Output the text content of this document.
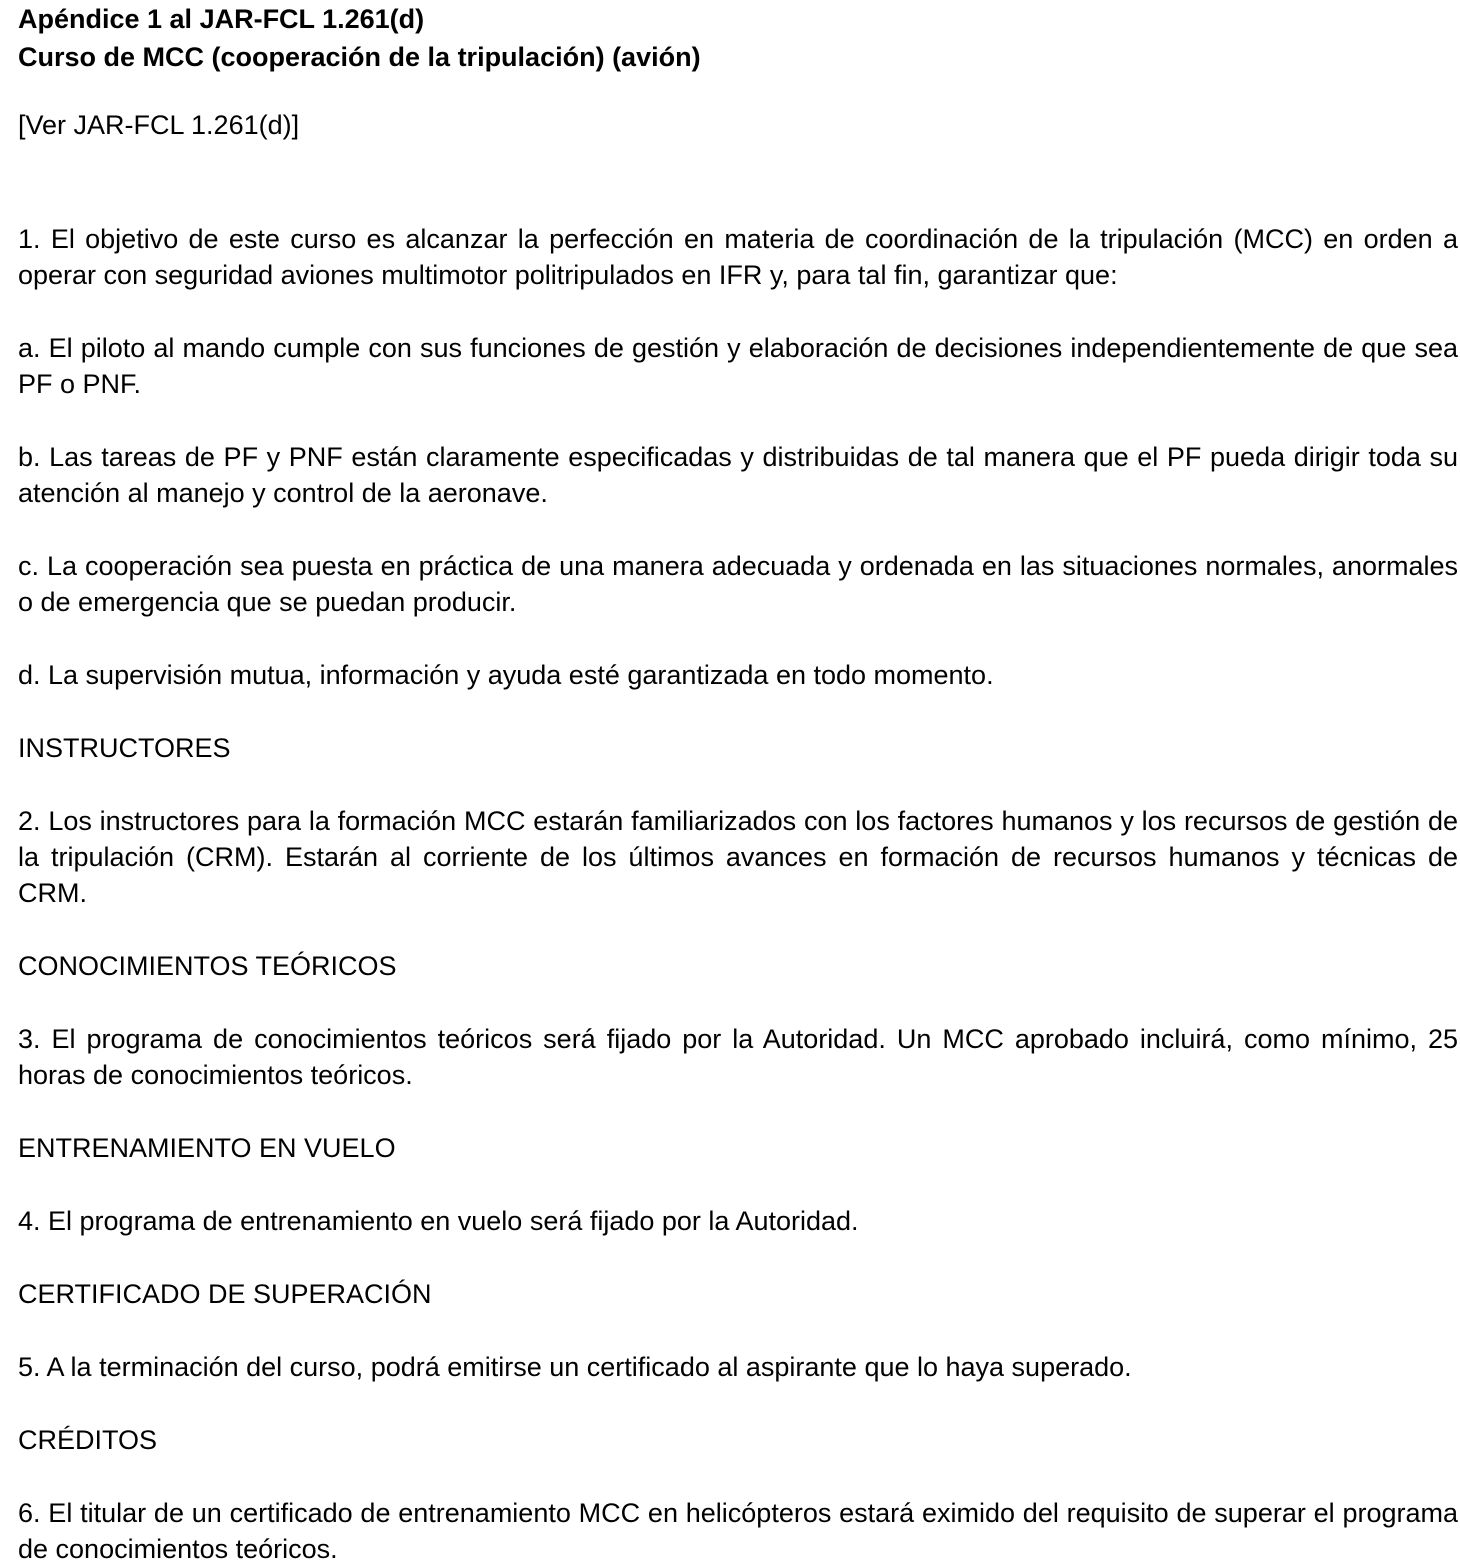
Apéndice 1 al JAR-FCL 1.261(d)
Curso de MCC (cooperación de la tripulación) (avión)

[Ver JAR-FCL 1.261(d)]

1. El objetivo de este curso es alcanzar la perfección en materia de coordinación de la tripulación (MCC) en orden a operar con seguridad aviones multimotor politripulados en IFR y, para tal fin, garantizar que:

a. El piloto al mando cumple con sus funciones de gestión y elaboración de decisiones independientemente de que sea PF o PNF.

b. Las tareas de PF y PNF están claramente especificadas y distribuidas de tal manera que el PF pueda dirigir toda su atención al manejo y control de la aeronave.

c. La cooperación sea puesta en práctica de una manera adecuada y ordenada en las situaciones normales, anormales o de emergencia que se puedan producir.

d. La supervisión mutua, información y ayuda esté garantizada en todo momento.

INSTRUCTORES

2. Los instructores para la formación MCC estarán familiarizados con los factores humanos y los recursos de gestión de la tripulación (CRM). Estarán al corriente de los últimos avances en formación de recursos humanos y técnicas de CRM.

CONOCIMIENTOS TEÓRICOS

3. El programa de conocimientos teóricos será fijado por la Autoridad. Un MCC aprobado incluirá, como mínimo, 25 horas de conocimientos teóricos.

ENTRENAMIENTO EN VUELO

4. El programa de entrenamiento en vuelo será fijado por la Autoridad.

CERTIFICADO DE SUPERACIÓN

5. A la terminación del curso, podrá emitirse un certificado al aspirante que lo haya superado.

CRÉDITOS

6. El titular de un certificado de entrenamiento MCC en helicópteros estará eximido del requisito de superar el programa de conocimientos teóricos.
